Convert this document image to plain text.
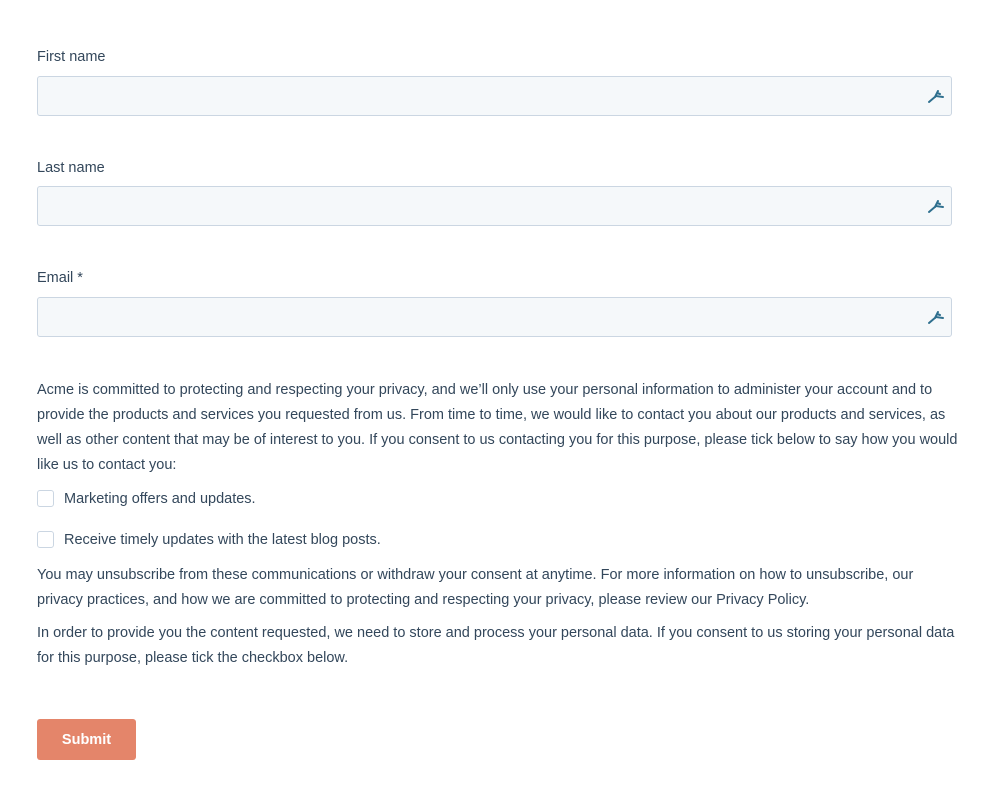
First name
Last name
Email *
Acme is committed to protecting and respecting your privacy, and we’ll only use your personal information to administer your account and to provide the products and services you requested from us. From time to time, we would like to contact you about our products and services, as well as other content that may be of interest to you. If you consent to us contacting you for this purpose, please tick below to say how you would like us to contact you:
Marketing offers and updates.
Receive timely updates with the latest blog posts.
You may unsubscribe from these communications or withdraw your consent at anytime. For more information on how to unsubscribe, our privacy practices, and how we are committed to protecting and respecting your privacy, please review our Privacy Policy.
In order to provide you the content requested, we need to store and process your personal data. If you consent to us storing your personal data for this purpose, please tick the checkbox below.
Submit
